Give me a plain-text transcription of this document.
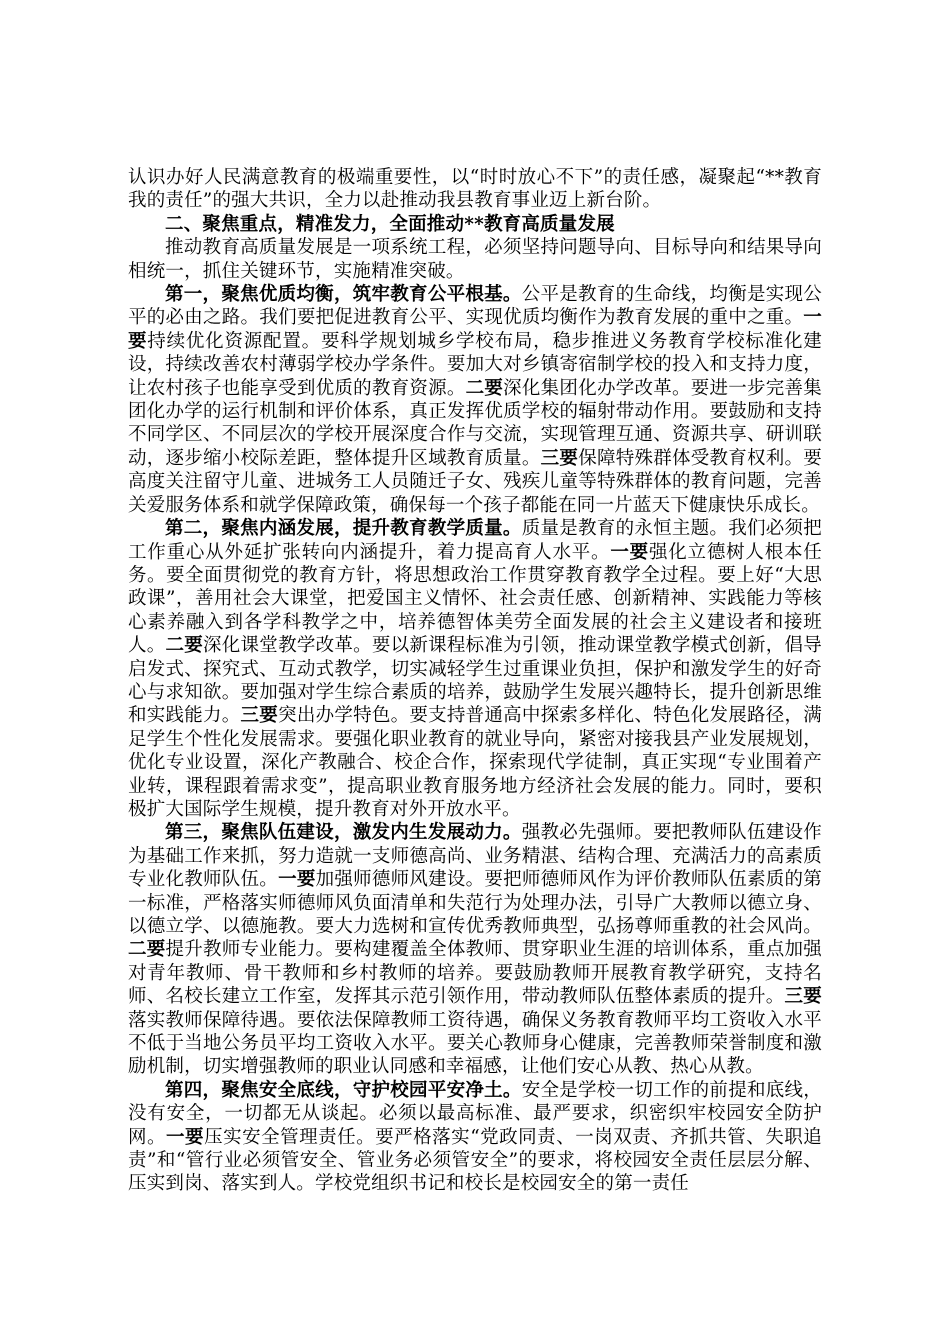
认识办好人民满意教育的极端重要性，以“时时放心不下”的责任感，凝聚起“**教育我的责任”的强大共识，全力以赴推动我县教育事业迈上新台阶。

二、聚焦重点，精准发力，全面推动**教育高质量发展

推动教育高质量发展是一项系统工程，必须坚持问题导向、目标导向和结果导向相统一，抓住关键环节，实施精准突破。

第一，聚焦优质均衡，筑牢教育公平根基。公平是教育的生命线，均衡是实现公平的必由之路。我们要把促进教育公平、实现优质均衡作为教育发展的重中之重。一要持续优化资源配置。要科学规划城乡学校布局，稳步推进义务教育学校标准化建设，持续改善农村薄弱学校办学条件。要加大对乡镇寄宿制学校的投入和支持力度，让农村孩子也能享受到优质的教育资源。二要深化集团化办学改革。要进一步完善集团化办学的运行机制和评价体系，真正发挥优质学校的辐射带动作用。要鼓励和支持不同学区、不同层次的学校开展深度合作与交流，实现管理互通、资源共享、研训联动，逐步缩小校际差距，整体提升区域教育质量。三要保障特殊群体受教育权利。要高度关注留守儿童、进城务工人员随迁子女、残疾儿童等特殊群体的教育问题，完善关爱服务体系和就学保障政策，确保每一个孩子都能在同一片蓝天下健康快乐成长。

第二，聚焦内涵发展，提升教育教学质量。质量是教育的永恒主题。我们必须把工作重心从外延扩张转向内涵提升，着力提高育人水平。一要强化立德树人根本任务。要全面贯彻党的教育方针，将思想政治工作贯穿教育教学全过程。要上好“大思政课”，善用社会大课堂，把爱国主义情怀、社会责任感、创新精神、实践能力等核心素养融入到各学科教学之中，培养德智体美劳全面发展的社会主义建设者和接班人。二要深化课堂教学改革。要以新课程标准为引领，推动课堂教学模式创新，倡导启发式、探究式、互动式教学，切实减轻学生过重课业负担，保护和激发学生的好奇心与求知欲。要加强对学生综合素质的培养，鼓励学生发展兴趣特长，提升创新思维和实践能力。三要突出办学特色。要支持普通高中探索多样化、特色化发展路径，满足学生个性化发展需求。要强化职业教育的就业导向，紧密对接我县产业发展规划，优化专业设置，深化产教融合、校企合作，探索现代学徒制，真正实现“专业围着产业转，课程跟着需求变”，提高职业教育服务地方经济社会发展的能力。同时，要积极扩大国际学生规模，提升教育对外开放水平。

第三，聚焦队伍建设，激发内生发展动力。强教必先强师。要把教师队伍建设作为基础工作来抓，努力造就一支师德高尚、业务精湛、结构合理、充满活力的高素质专业化教师队伍。一要加强师德师风建设。要把师德师风作为评价教师队伍素质的第一标准，严格落实师德师风负面清单和失范行为处理办法，引导广大教师以德立身、以德立学、以德施教。要大力选树和宣传优秀教师典型，弘扬尊师重教的社会风尚。二要提升教师专业能力。要构建覆盖全体教师、贯穿职业生涯的培训体系，重点加强对青年教师、骨干教师和乡村教师的培养。要鼓励教师开展教育教学研究，支持名师、名校长建立工作室，发挥其示范引领作用，带动教师队伍整体素质的提升。三要落实教师保障待遇。要依法保障教师工资待遇，确保义务教育教师平均工资收入水平不低于当地公务员平均工资收入水平。要关心教师身心健康，完善教师荣誉制度和激励机制，切实增强教师的职业认同感和幸福感，让他们安心从教、热心从教。

第四，聚焦安全底线，守护校园平安净土。安全是学校一切工作的前提和底线，没有安全，一切都无从谈起。必须以最高标准、最严要求，织密织牢校园安全防护网。一要压实安全管理责任。要严格落实“党政同责、一岗双责、齐抓共管、失职追责”和“管行业必须管安全、管业务必须管安全”的要求，将校园安全责任层层分解、压实到岗、落实到人。学校党组织书记和校长是校园安全的第一责任
